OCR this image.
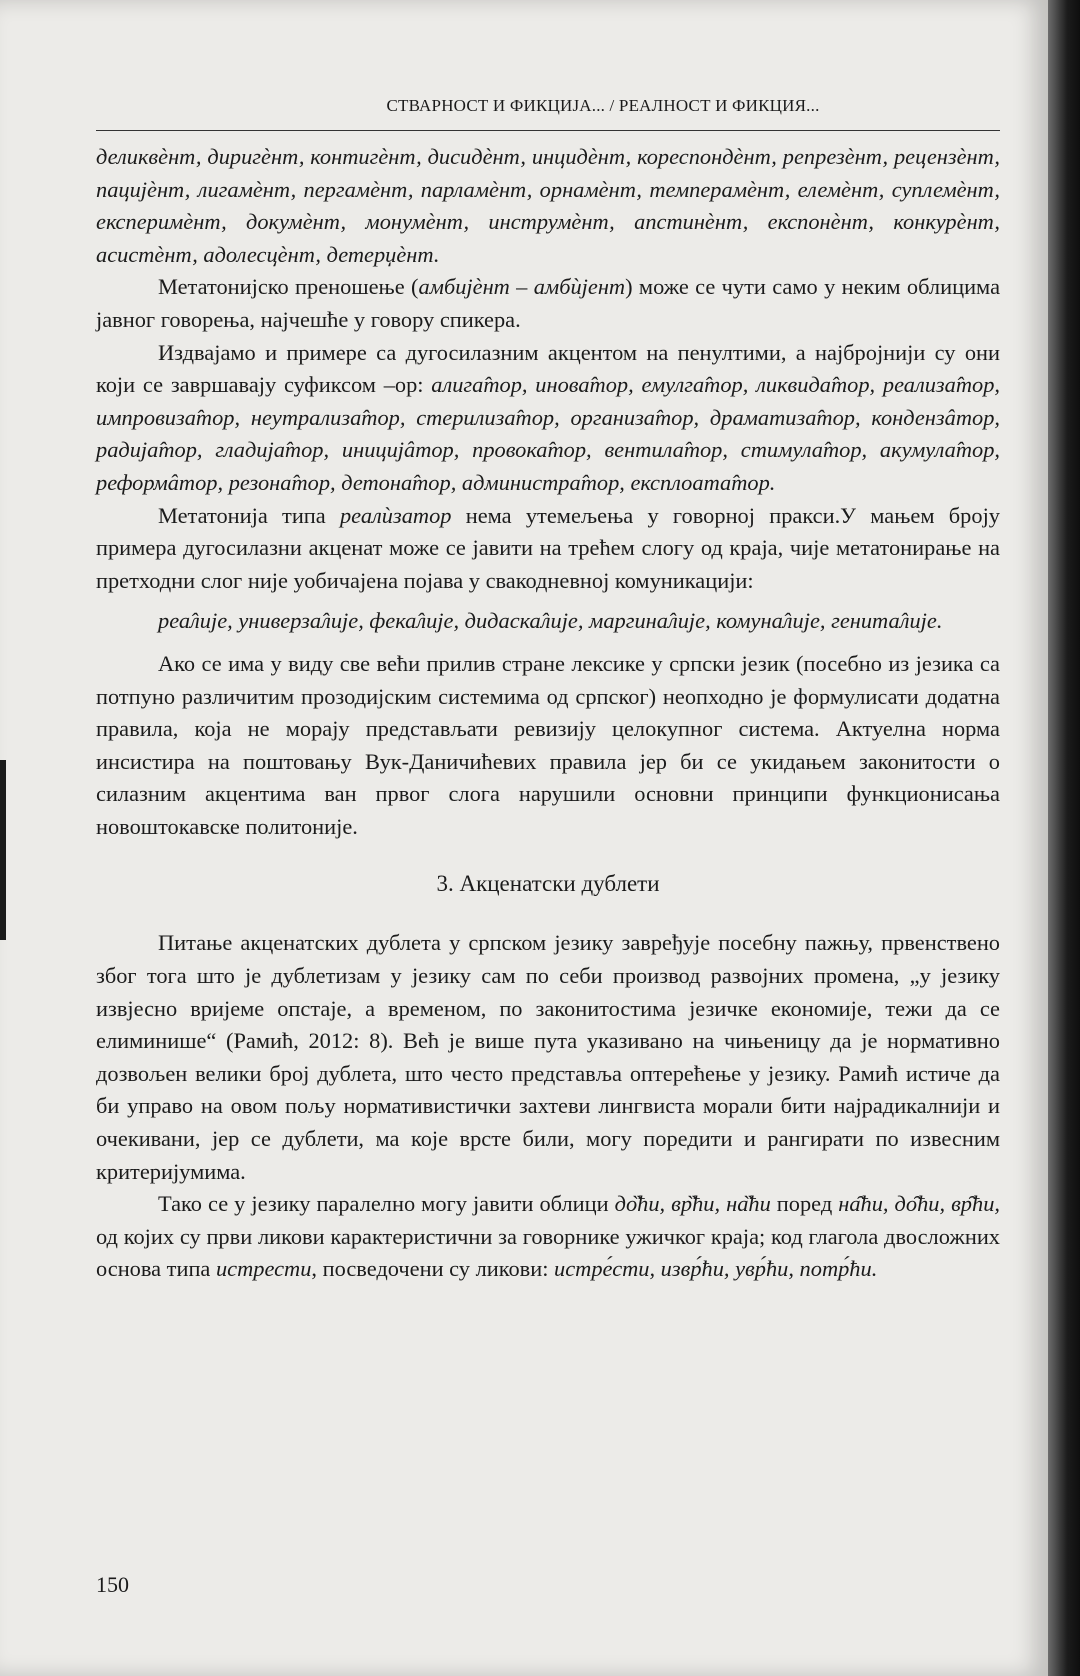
СТВАРНОСТ И ФИКЦИЈА... / РЕАЛНОСТ И ФИКЦИЯ...

деликвѐнт, диригѐнт, контигѐнт, дисидѐнт, инцидѐнт, кореспондѐнт, репрезѐнт, рецензѐнт, пацијѐнт, лигамѐнт, пергамѐнт, парламѐнт, орнамѐнт, темперамѐнт, елемѐнт, суплемѐнт, експеримѐнт, докумѐнт, монумѐнт, инструмѐнт, апстинѐнт, експонѐнт, конкурѐнт, асистѐнт, адолесцѐнт, детерџѐнт.

Метатонијско преношење (амбијѐнт – амбѝјент) може се чути само у неким облицима јавног говорења, најчешће у говору спикера.

Издвајамо и примере са дугосилазним акцентом на пенултими, а најбројнији су они који се завршавају суфиксом –ор: алига̂тор, инова̂тор, емулга̂тор, ликвида̂тор, реализа̂тор, импровиза̂тор, неутрализа̂тор, стерилиза̂тор, организа̂тор, драматиза̂тор, кондензâтор, радија̂тор, гладија̂тор, иницијâтор, провока̂тор, вентила̂тор, стимула̂тор, акумула̂тор, реформâтор, резона̂тор, детона̂тор, администра̂тор, експлоата̂тор.

Метатонија типа реалѝзатор нема утемељења у говорној пракси.У мањем броју примера дугосилазни акценат може се јавити на трећем слогу од краја, чије метатонирање на претходни слог није уобичајена појава у свакодневној комуникацији:

реа̂лије, универза̂лије, фека̂лије, дидаска̂лије, маргина̂лије, комуна̂лије, генита̂лије.

Ако се има у виду све већи прилив стране лексике у српски језик (посебно из језика са потпуно различитим прозодијским системима од српског) неопходно је формулисати додатна правила, која не морају представљати ревизију целокупног система. Актуелна норма инсистира на поштовању Вук-Даничићевих правила јер би се укидањем законитости о силазним акцентима ван првог слога нарушили основни принципи функционисања новоштокавске политоније.

3. Акценатски дублети

Питање акценатских дублета у српском језику завређује посебну пажњу, првенствено због тога што је дублетизам у језику сам по себи производ развојних промена, „у језику извјесно вријеме опстаје, а временом, по законитостима језичке економије, тежи да се елиминише“ (Рамић, 2012: 8). Већ је више пута указивано на чињеницу да је нормативно дозвољен велики број дублета, што често представља оптерећење у језику. Рамић истиче да би управо на овом пољу нормативистички захтеви лингвиста морали бити најрадикалнији и очекивани, јер се дублети, ма које врсте били, могу поредити и рангирати по извесним критеријумима.

Тако се у језику паралелно могу јавити облици до̏ћи, вр̏ћи, на̏ћи поред на̑ћи, до̑ћи, вр̑ћи, од којих су први ликови карактеристични за говорнике ужичког краја; код глагола двосложних основа типа истрести, посведочени су ликови: истре́сти, извр́ћи, увр́ћи, потр́ћи.

150
